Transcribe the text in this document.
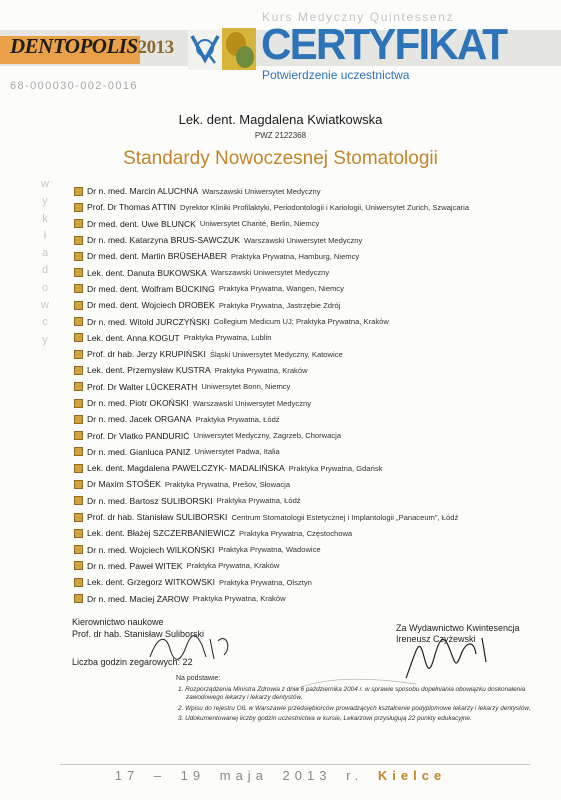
DENTOPOLIS2013
Kurs Medyczny Quintessenz
CERTYFIKAT
Potwierdzenie uczestnictwa
68-000030-002-0016
Lek. dent. Magdalena Kwiatkowska
PWZ 2122368
Standardy Nowoczesnej Stomatologii
w
y
k
ł
a
d
o
w
c
y
Dr n. med. Marcin ALUCHNA Warszawski Uniwersytet Medyczny
Prof. Dr Thomas ATTIN Dyrektor Kliniki Profilaktyki, Periodontologii i Kariologii, Uniwersytet Zurich, Szwajcaria
Dr med. dent. Uwe BLUNCK Uniwersytet Charité, Berlin, Niemcy
Dr n. med. Katarzyna BRUS-SAWCZUK Warszawski Uniwersytet Medyczny
Dr med. dent. Martin BRÜSEHABER Praktyka Prywatna, Hamburg, Niemcy
Lek. dent. Danuta BUKOWSKA Warszawski Uniwersytet Medyczny
Dr med. dent. Wolfram BÜCKING Praktyka Prywatna, Wangen, Niemcy
Dr med. dent. Wojciech DROBEK Praktyka Prywatna, Jastrzębie Zdrój
Dr n. med. Witold JURCZYŃSKI Collegium Medicum UJ; Praktyka Prywatna, Kraków
Lek. dent. Anna KOGUT Praktyka Prywatna, Lublin
Prof. dr hab. Jerzy KRUPIŃSKI Śląski Uniwersytet Medyczny, Katowice
Lek. dent. Przemysław KUSTRA Praktyka Prywatna, Kraków
Prof. Dr Walter LÜCKERATH Uniwersytet Bonn, Niemcy
Dr n. med. Piotr OKOŃSKI Warszawski Uniwersytet Medyczny
Dr n. med. Jacek ORGANA Praktyka Prywatna, Łódź
Prof. Dr Vlatko PANDURIĆ Uniwersytet Medyczny, Zagrzeb, Chorwacja
Dr n. med. Gianluca PANIZ Uniwersytet Padwa, Italia
Lek. dent. Magdalena PAWELCZYK- MADALIŃSKA Praktyka Prywatna, Gdańsk
Dr Maxim STOŠEK Praktyka Prywatna, Prešov, Słowacja
Dr n. med. Bartosz SULIBORSKI Praktyka Prywatna, Łódź
Prof. dr hab. Stanisław SULIBORSKI Centrum Stomatologii Estetycznej i Implantologii „Panaceum", Łódź
Lek. dent. Błażej SZCZERBANIEWICZ Praktyka Prywatna, Częstochowa
Dr n. med. Wojciech WILKOŃSKI Praktyka Prywatna, Wadowice
Dr n. med. Paweł WITEK Praktyka Prywatna, Kraków
Lek. dent. Grzegorz WITKOWSKI Praktyka Prywatna, Olsztyn
Dr n. med. Maciej ŻAROW Praktyka Prywatna, Kraków
Kierownictwo naukowe
Prof. dr hab. Stanisław Suliborski
Liczba godzin zegarowych: 22
Za Wydawnictwo Kwintesencja
Ireneusz Czyżewski
Na podstawie:
1. Rozporządzenia Ministra Zdrowia z dnia 6 października 2004 r. w sprawie sposobu dopełniania obowiązku doskonalenia zawodowego lekarzy i lekarzy dentystów,
2. Wpisu do rejestru OIL w Warszawie przedsiębiorców prowadzących kształcenie podyplomowe lekarzy i lekarzy dentystów,
3. Udokumentowanej liczby godzin uczestnictwa w kursie, Lekarzowi przysługują 22 punkty edukacyjne.
17 – 19 maja 2013 r. Kielce
